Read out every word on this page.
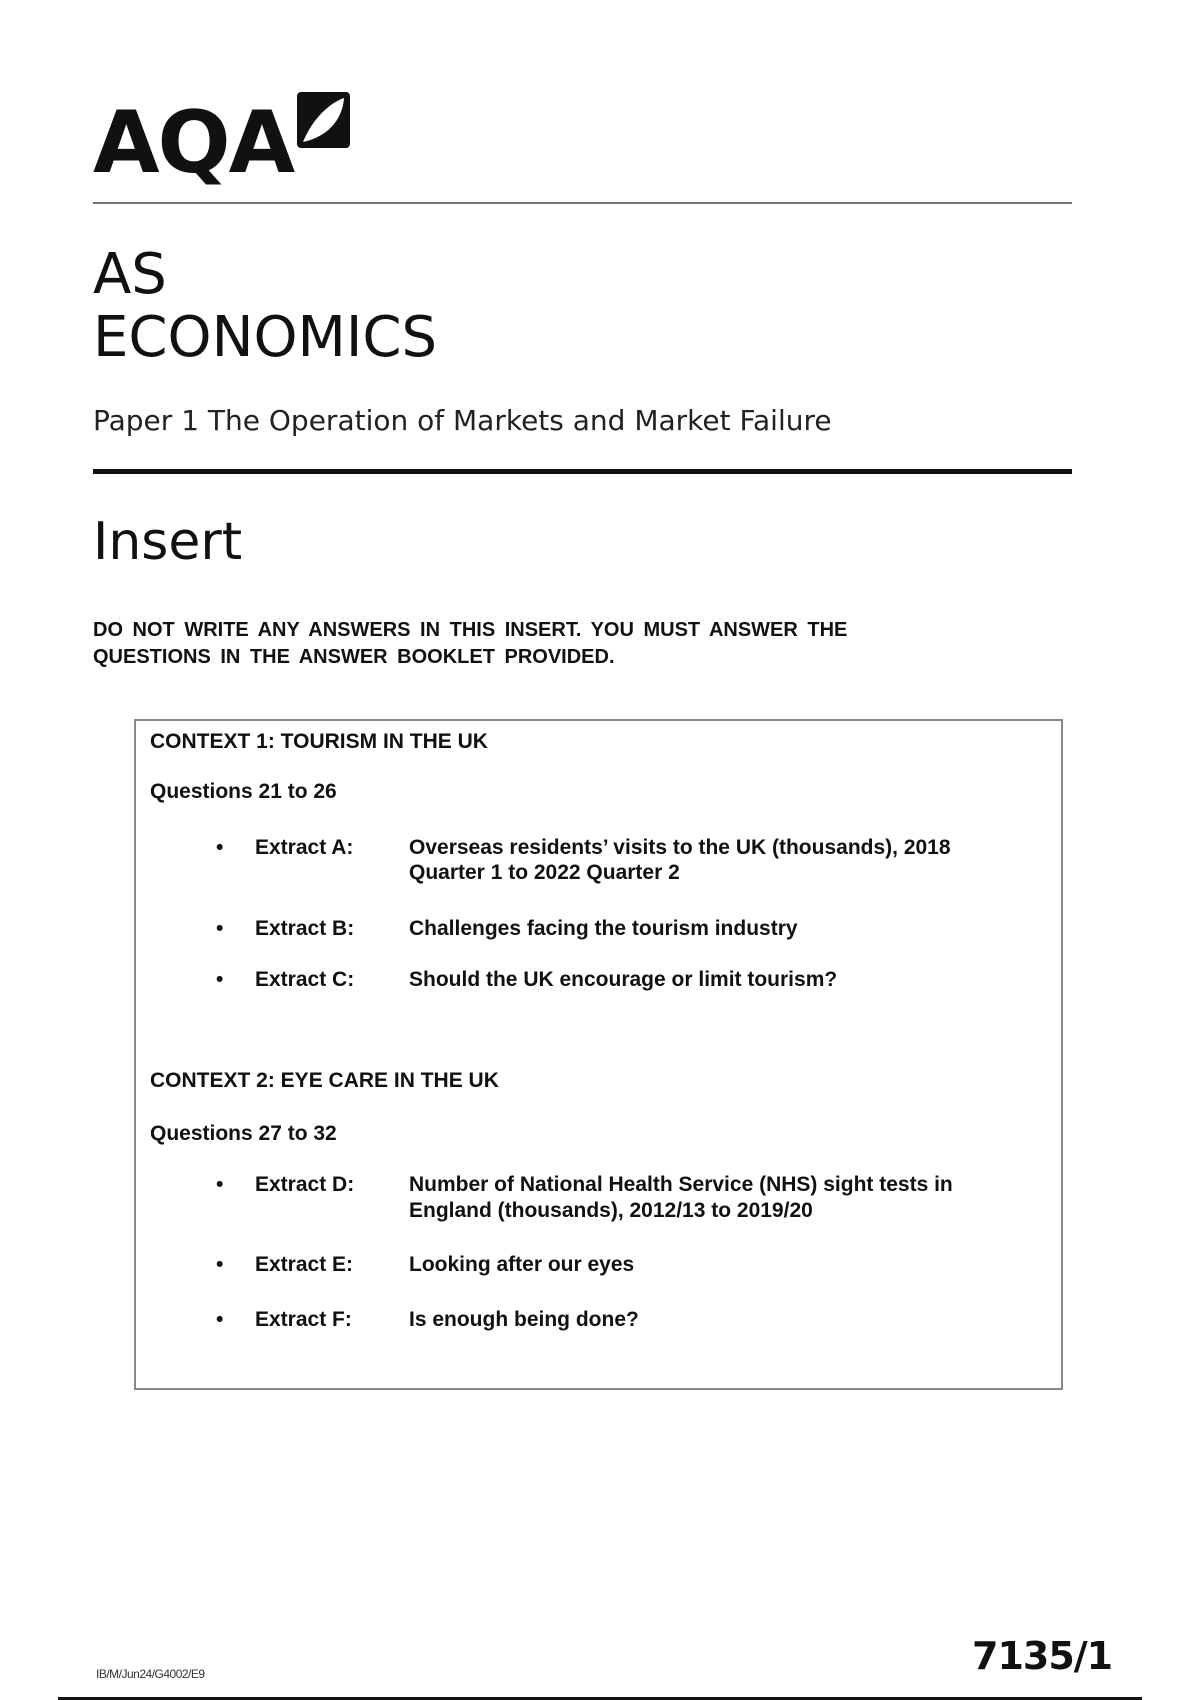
AQA
AS
ECONOMICS
Paper 1 The Operation of Markets and Market Failure
Insert
DO NOT WRITE ANY ANSWERS IN THIS INSERT. YOU MUST ANSWER THE
QUESTIONS IN THE ANSWER BOOKLET PROVIDED.
CONTEXT 1: TOURISM IN THE UK
Questions 21 to 26
• Extract A:	Overseas residents’ visits to the UK (thousands), 2018
Quarter 1 to 2022 Quarter 2
• Extract B:	Challenges facing the tourism industry
• Extract C:	Should the UK encourage or limit tourism?
CONTEXT 2: EYE CARE IN THE UK
Questions 27 to 32
• Extract D:	Number of National Health Service (NHS) sight tests in
England (thousands), 2012/13 to 2019/20
• Extract E:	Looking after our eyes
• Extract F:	Is enough being done?
IB/M/Jun24/G4002/E9	7135/1
